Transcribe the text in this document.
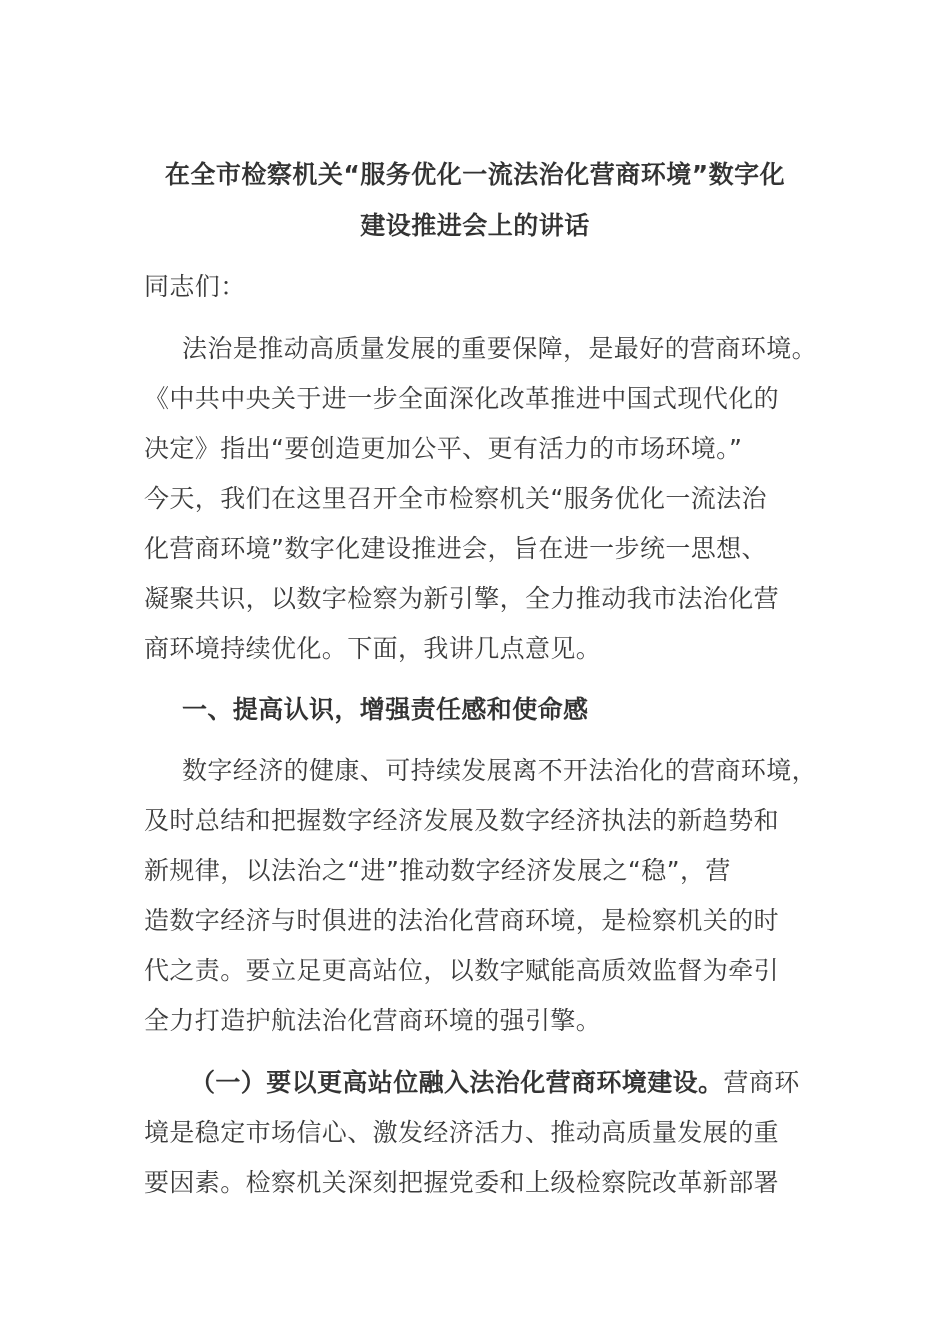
在全市检察机关“服务优化一流法治化营商环境”数字化
建设推进会上的讲话
同志们：
法治是推动高质量发展的重要保障，是最好的营商环境。
《中共中央关于进一步全面深化改革推进中国式现代化的
决定》指出“要创造更加公平、更有活力的市场环境。”
今天，我们在这里召开全市检察机关“服务优化一流法治
化营商环境”数字化建设推进会，旨在进一步统一思想、
凝聚共识，以数字检察为新引擎，全力推动我市法治化营
商环境持续优化。下面，我讲几点意见。
一、提高认识，增强责任感和使命感
数字经济的健康、可持续发展离不开法治化的营商环境，
及时总结和把握数字经济发展及数字经济执法的新趋势和
新规律，以法治之“进”推动数字经济发展之“稳”，营
造数字经济与时俱进的法治化营商环境，是检察机关的时
代之责。要立足更高站位，以数字赋能高质效监督为牵引
全力打造护航法治化营商环境的强引擎。
（一）要以更高站位融入法治化营商环境建设。营商环
境是稳定市场信心、激发经济活力、推动高质量发展的重
要因素。检察机关深刻把握党委和上级检察院改革新部署
